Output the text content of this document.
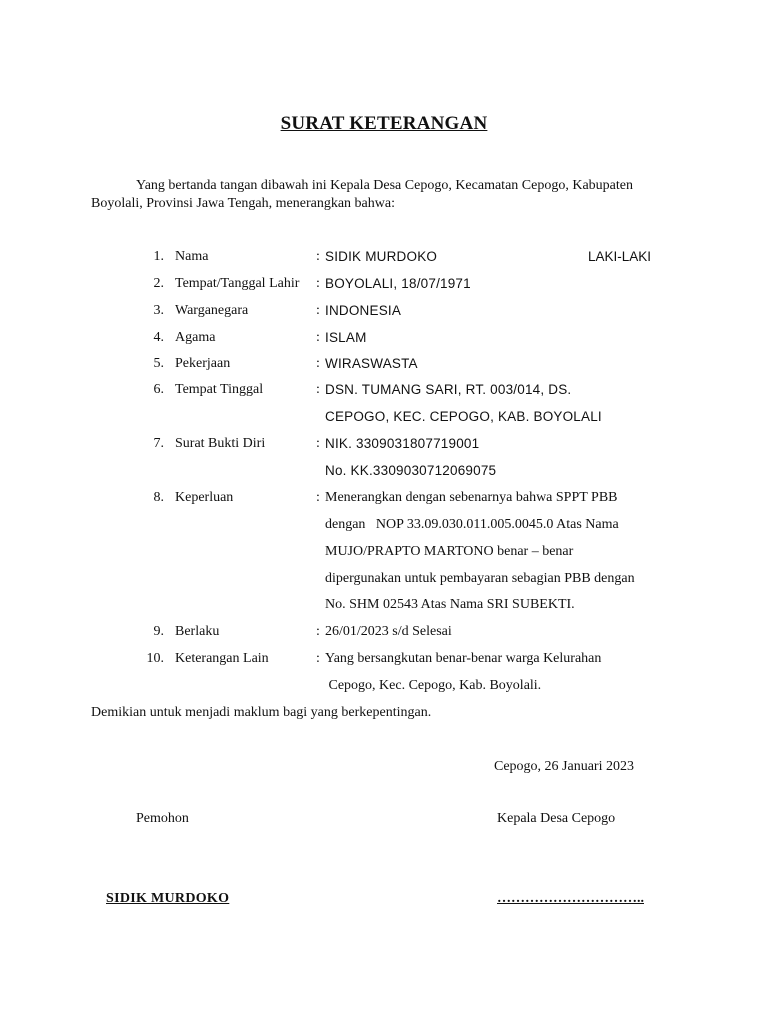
SURAT KETERANGAN
Yang bertanda tangan dibawah ini Kepala Desa Cepogo, Kecamatan Cepogo, Kabupaten
Boyolali, Provinsi Jawa Tengah, menerangkan bahwa:
1. Nama	: SIDIK MURDOKO	LAKI-LAKI
2. Tempat/Tanggal Lahir : BOYOLALI, 18/07/1971
3. Warganegara	: INDONESIA
4. Agama	: ISLAM
5. Pekerjaan	: WIRASWASTA
6. Tempat Tinggal	: DSN. TUMANG SARI, RT. 003/014, DS.
CEPOGO, KEC. CEPOGO, KAB. BOYOLALI
7. Surat Bukti Diri	: NIK. 3309031807719001
No. KK.3309030712069075
8. Keperluan	: Menerangkan dengan sebenarnya bahwa SPPT PBB
dengan   NOP 33.09.030.011.005.0045.0 Atas Nama
MUJO/PRAPTO MARTONO benar – benar
dipergunakan untuk pembayaran sebagian PBB dengan
No. SHM 02543 Atas Nama SRI SUBEKTI.
9. Berlaku	: 26/01/2023 s/d Selesai
10. Keterangan Lain	: Yang bersangkutan benar-benar warga Kelurahan
Cepogo, Kec. Cepogo, Kab. Boyolali.
Demikian untuk menjadi maklum bagi yang berkepentingan.
Cepogo, 26 Januari 2023
Pemohon	Kepala Desa Cepogo
SIDIK MURDOKO	…………………………..
